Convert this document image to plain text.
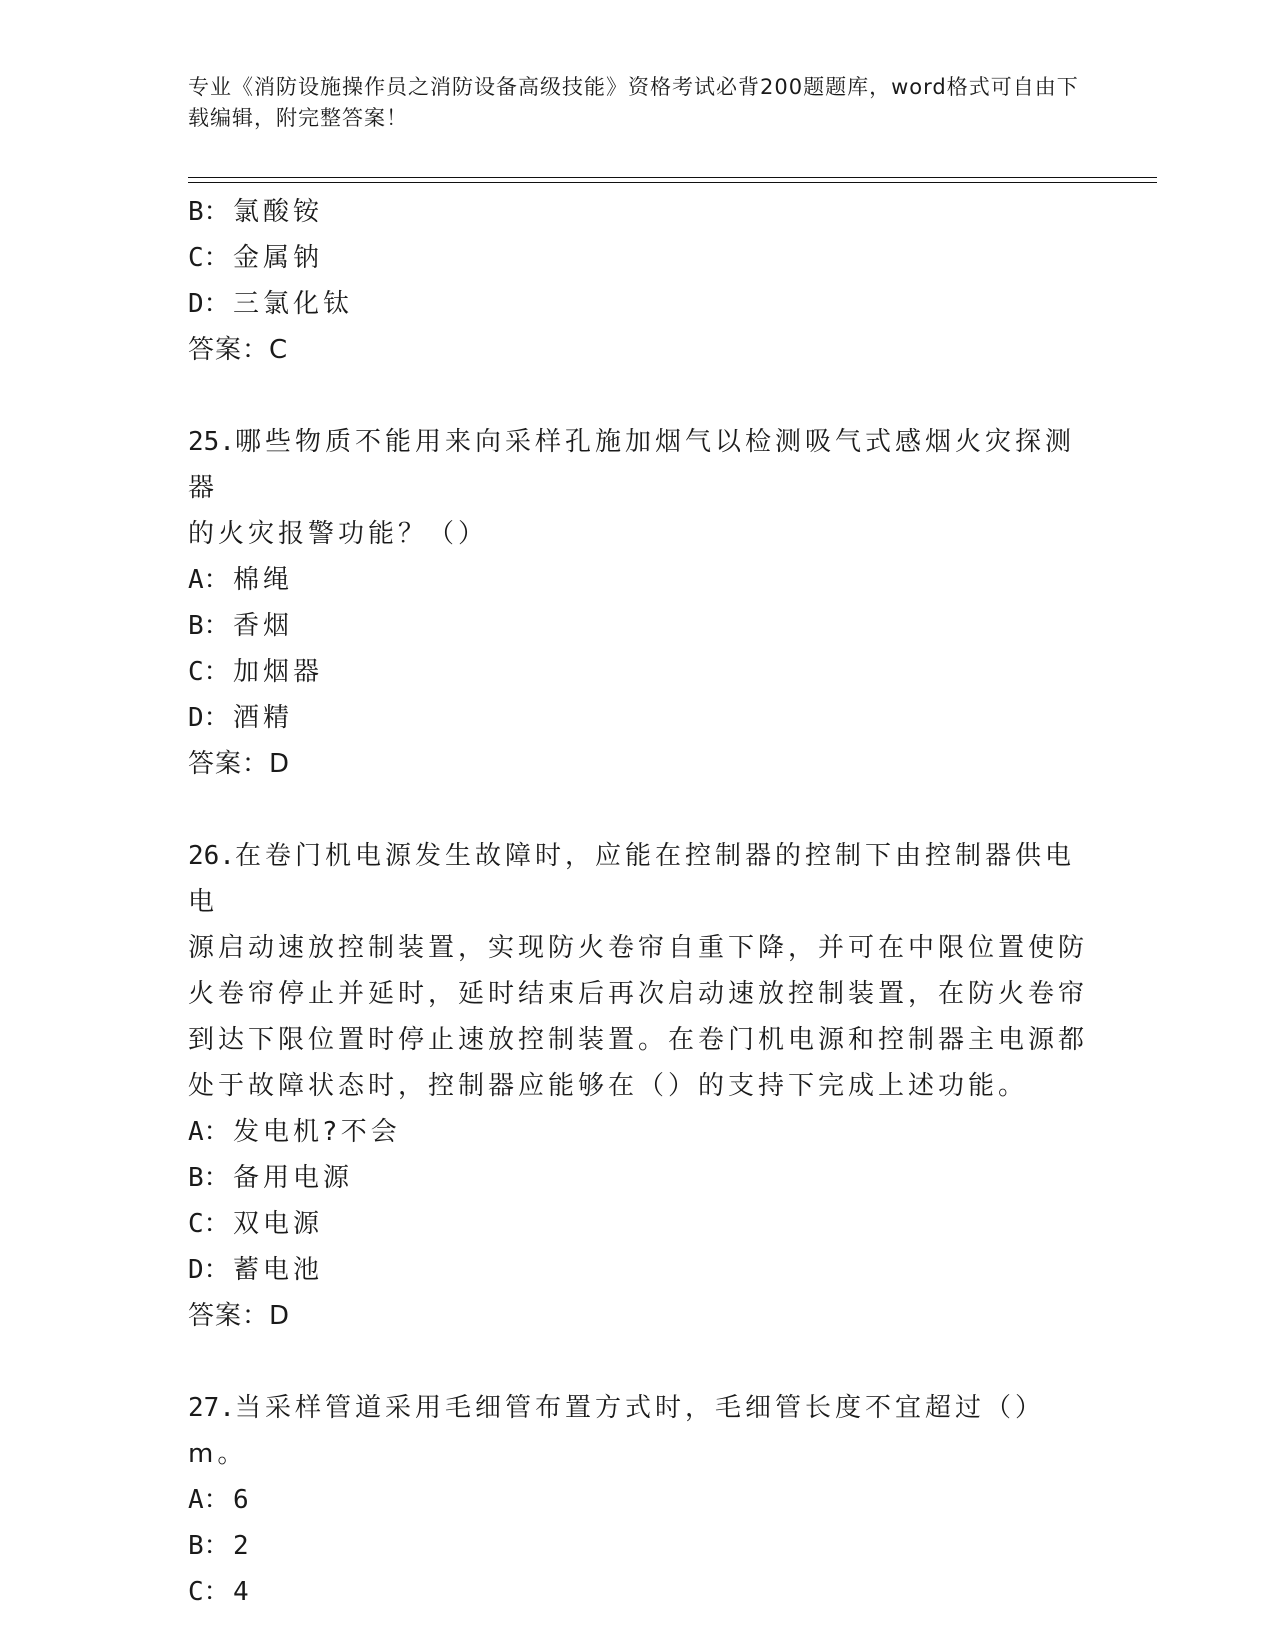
专业《消防设施操作员之消防设备高级技能》资格考试必背200题题库，word格式可自由下载编辑，附完整答案！
B： 氯酸铵
C： 金属钠
D： 三氯化钛
答案：C
25.哪些物质不能用来向采样孔施加烟气以检测吸气式感烟火灾探测器
的火灾报警功能？（）
A： 棉绳
B： 香烟
C： 加烟器
D： 酒精
答案：D
26.在卷门机电源发生故障时，应能在控制器的控制下由控制器供电电
源启动速放控制装置，实现防火卷帘自重下降，并可在中限位置使防
火卷帘停止并延时，延时结束后再次启动速放控制装置，在防火卷帘
到达下限位置时停止速放控制装置。在卷门机电源和控制器主电源都
处于故障状态时，控制器应能够在（）的支持下完成上述功能。
A： 发电机?不会
B： 备用电源
C： 双电源
D： 蓄电池
答案：D
27.当采样管道采用毛细管布置方式时，毛细管长度不宜超过（）m。
A： 6
B： 2
C： 4
